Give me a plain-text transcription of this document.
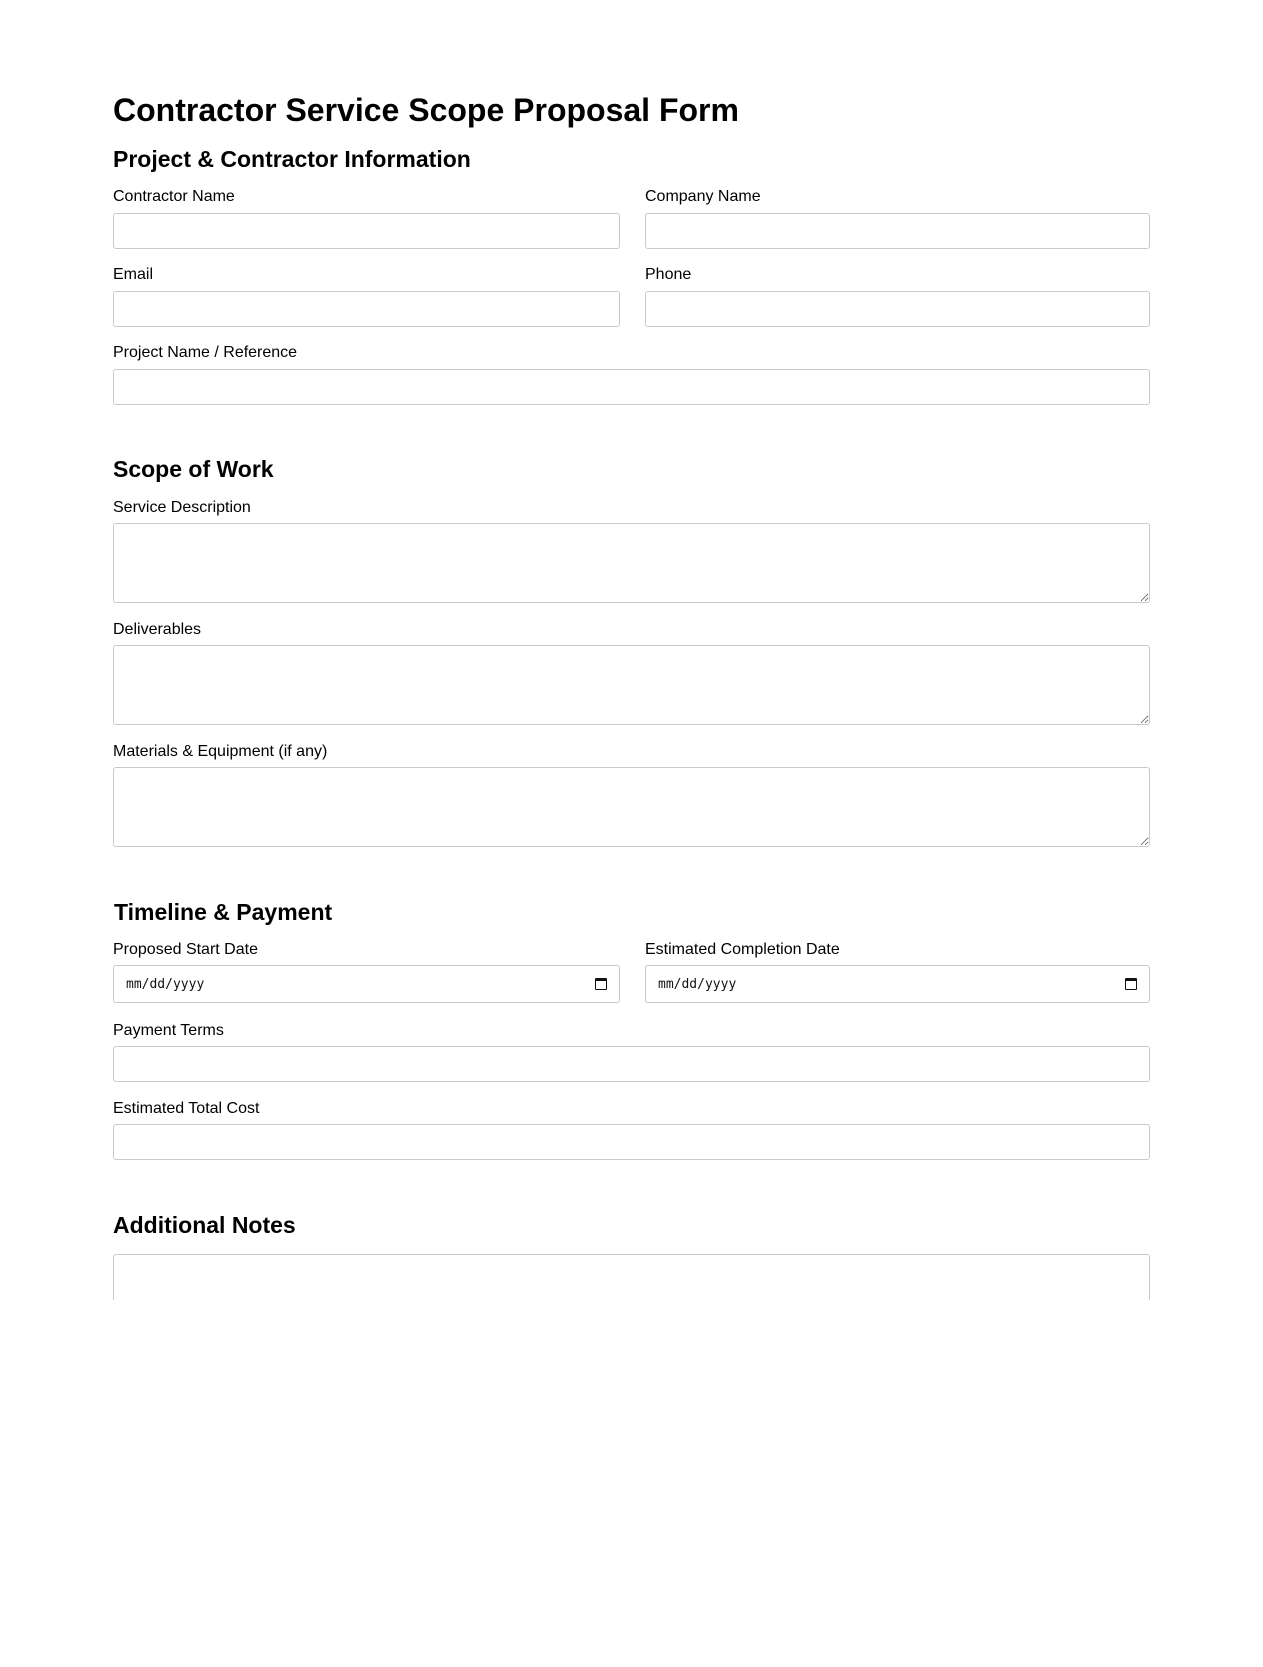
Contractor Service Scope Proposal Form
Project & Contractor Information
Contractor Name	Company Name
Email	Phone
Project Name / Reference
Scope of Work
Service Description
Deliverables
Materials & Equipment (if any)
Timeline & Payment
Proposed Start Date
mm/dd/yyyy
Estimated Completion Date
mm/dd/yyyy
Payment Terms
Estimated Total Cost
Additional Notes
